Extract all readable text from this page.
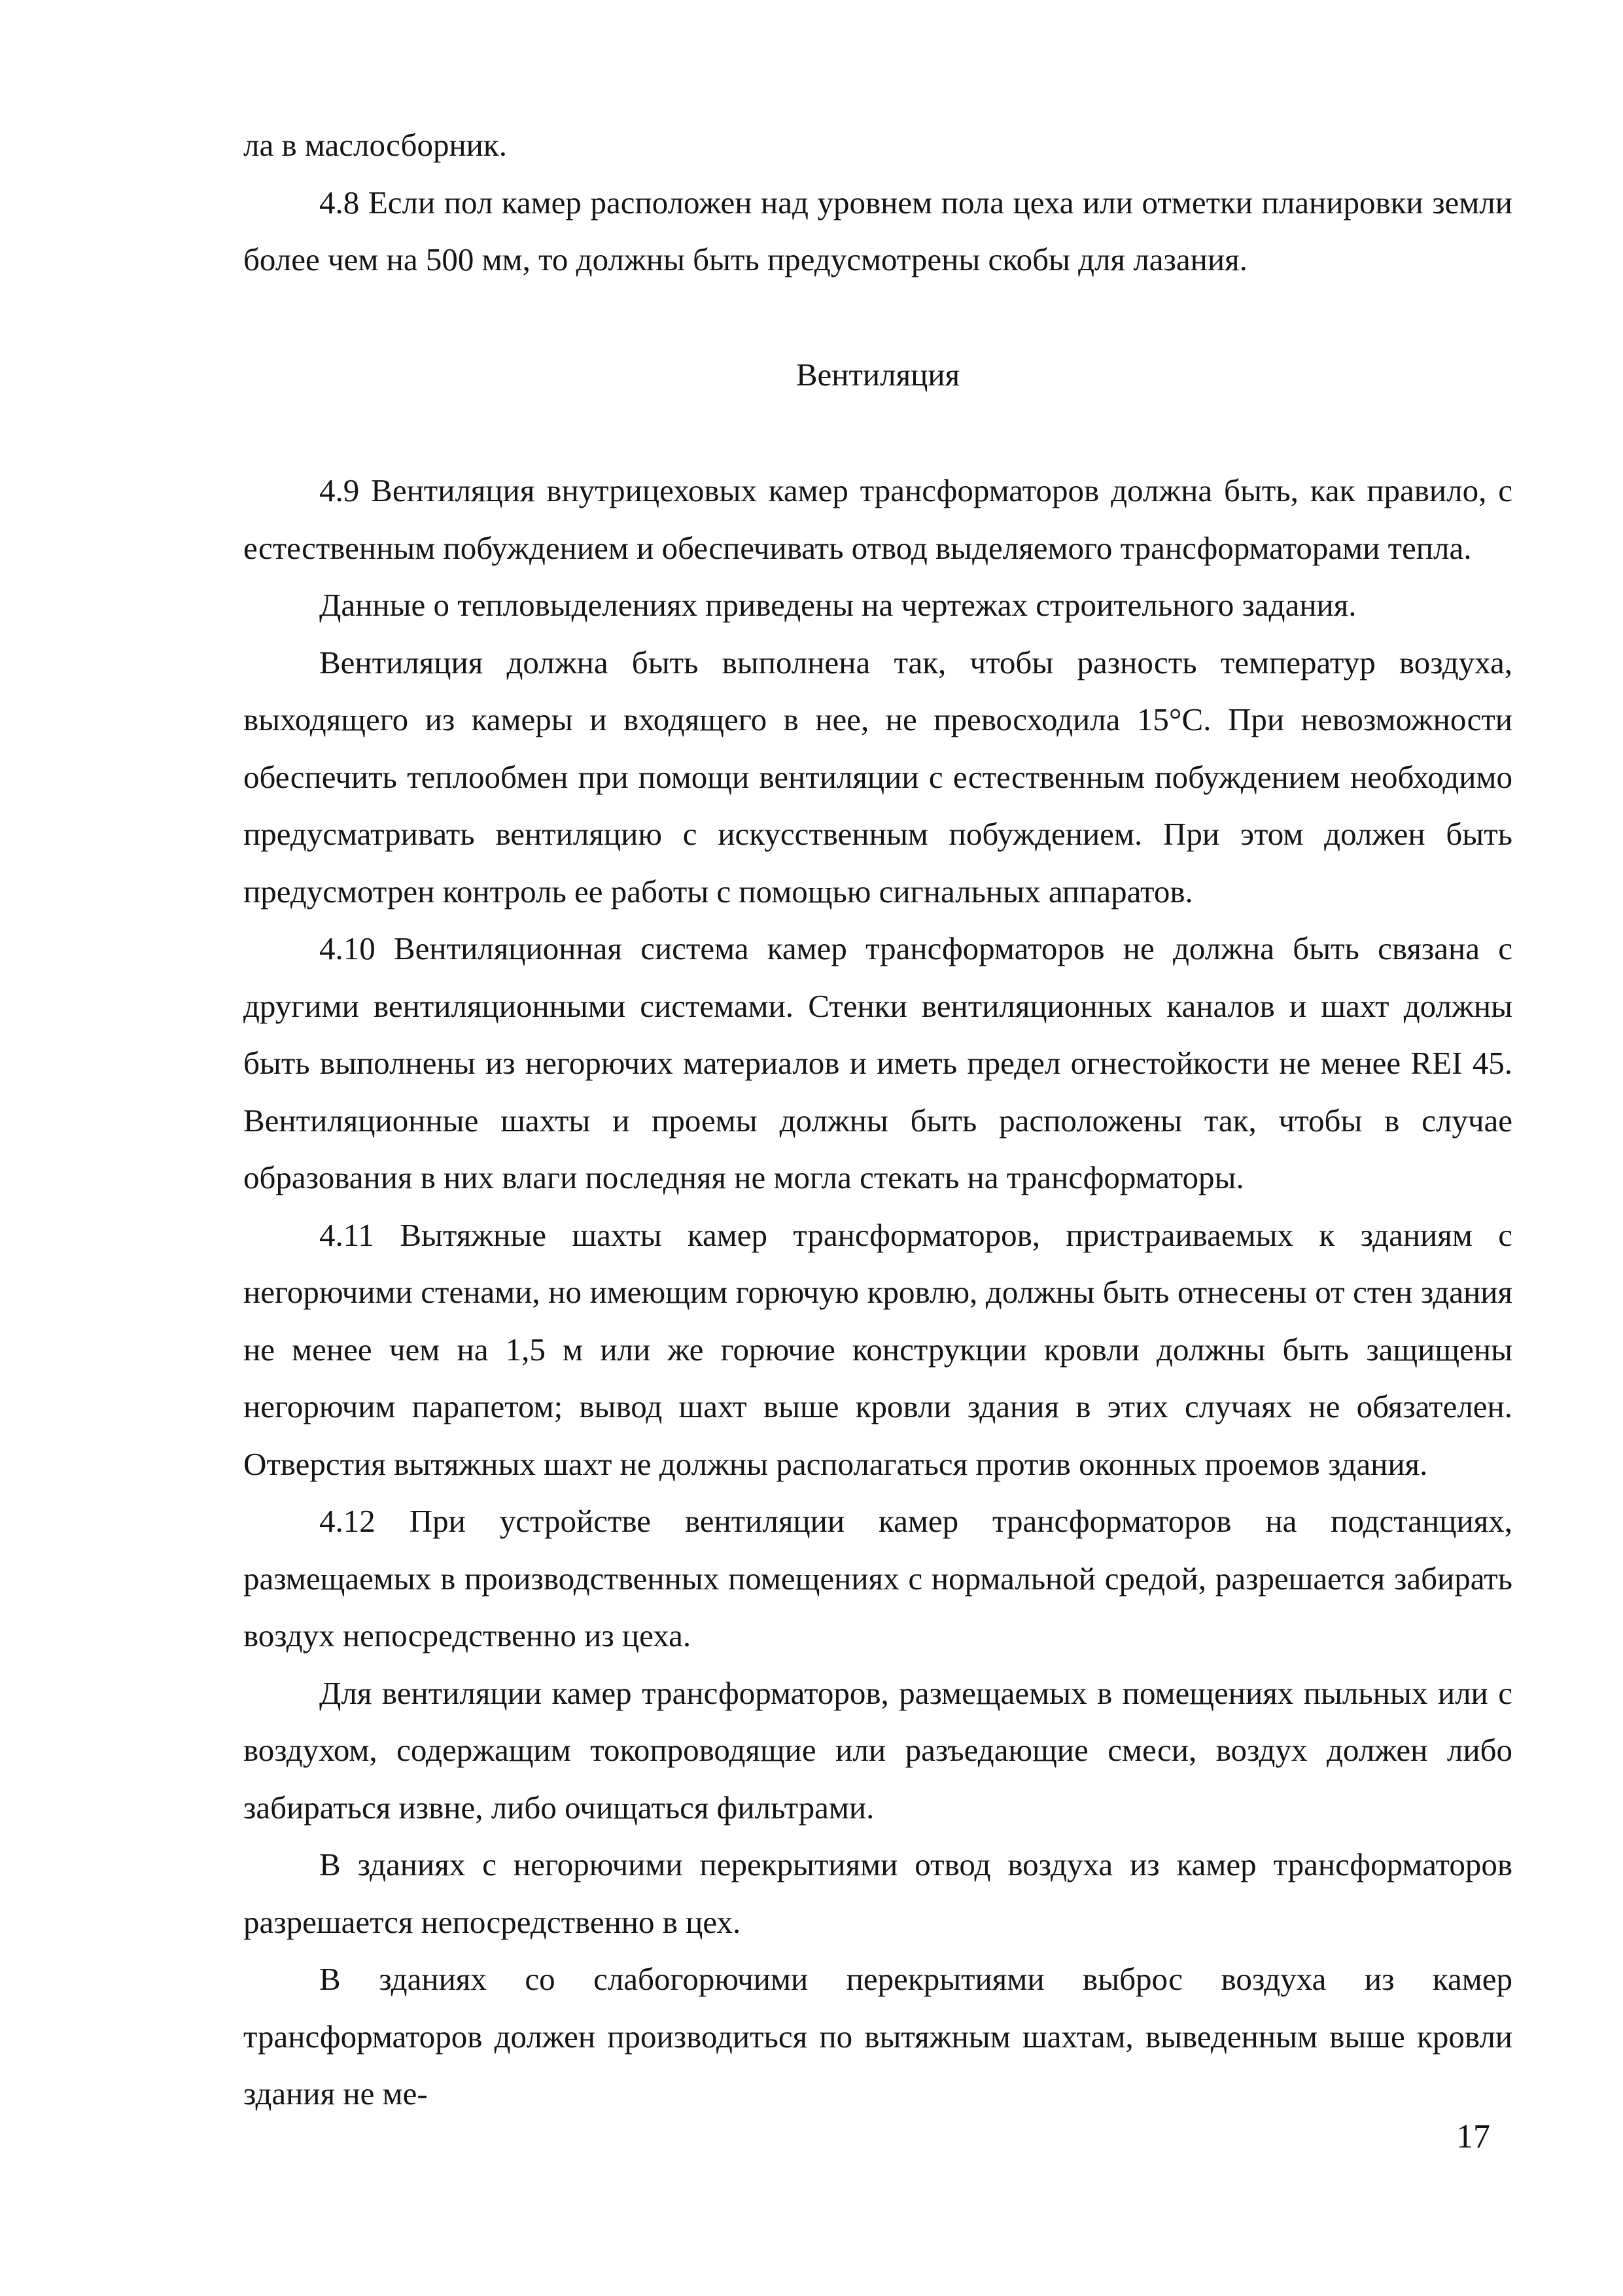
ла в маслосборник.

4.8 Если пол камер расположен над уровнем пола цеха или отметки планировки земли более чем на 500 мм, то должны быть предусмотрены скобы для лазания.

Вентиляция

4.9 Вентиляция внутрицеховых камер трансформаторов должна быть, как правило, с естественным побуждением и обеспечивать отвод выделяемого трансформаторами тепла.

Данные о тепловыделениях приведены на чертежах строительного задания.

Вентиляция должна быть выполнена так, чтобы разность температур воздуха, выходящего из камеры и входящего в нее, не превосходила 15°С. При невозможности обеспечить теплообмен при помощи вентиляции с естественным побуждением необходимо предусматривать вентиляцию с искусственным побуждением. При этом должен быть предусмотрен контроль ее работы с помощью сигнальных аппаратов.

4.10 Вентиляционная система камер трансформаторов не должна быть связана с другими вентиляционными системами. Стенки вентиляционных каналов и шахт должны быть выполнены из негорючих материалов и иметь предел огнестойкости не менее REI 45. Вентиляционные шахты и проемы должны быть расположены так, чтобы в случае образования в них влаги последняя не могла стекать на трансформаторы.

4.11 Вытяжные шахты камер трансформаторов, пристраиваемых к зданиям с негорючими стенами, но имеющим горючую кровлю, должны быть отнесены от стен здания не менее чем на 1,5 м или же горючие конструкции кровли должны быть защищены негорючим парапетом; вывод шахт выше кровли здания в этих случаях не обязателен. Отверстия вытяжных шахт не должны располагаться против оконных проемов здания.

4.12 При устройстве вентиляции камер трансформаторов на подстанциях, размещаемых в производственных помещениях с нормальной средой, разрешается забирать воздух непосредственно из цеха.

Для вентиляции камер трансформаторов, размещаемых в помещениях пыльных или с воздухом, содержащим токопроводящие или разъедающие смеси, воздух должен либо забираться извне, либо очищаться фильтрами.

В зданиях с негорючими перекрытиями отвод воздуха из камер трансформаторов разрешается непосредственно в цех.

В зданиях со слабогорючими перекрытиями выброс воздуха из камер трансформаторов должен производиться по вытяжным шахтам, выведенным выше кровли здания не ме-

17
